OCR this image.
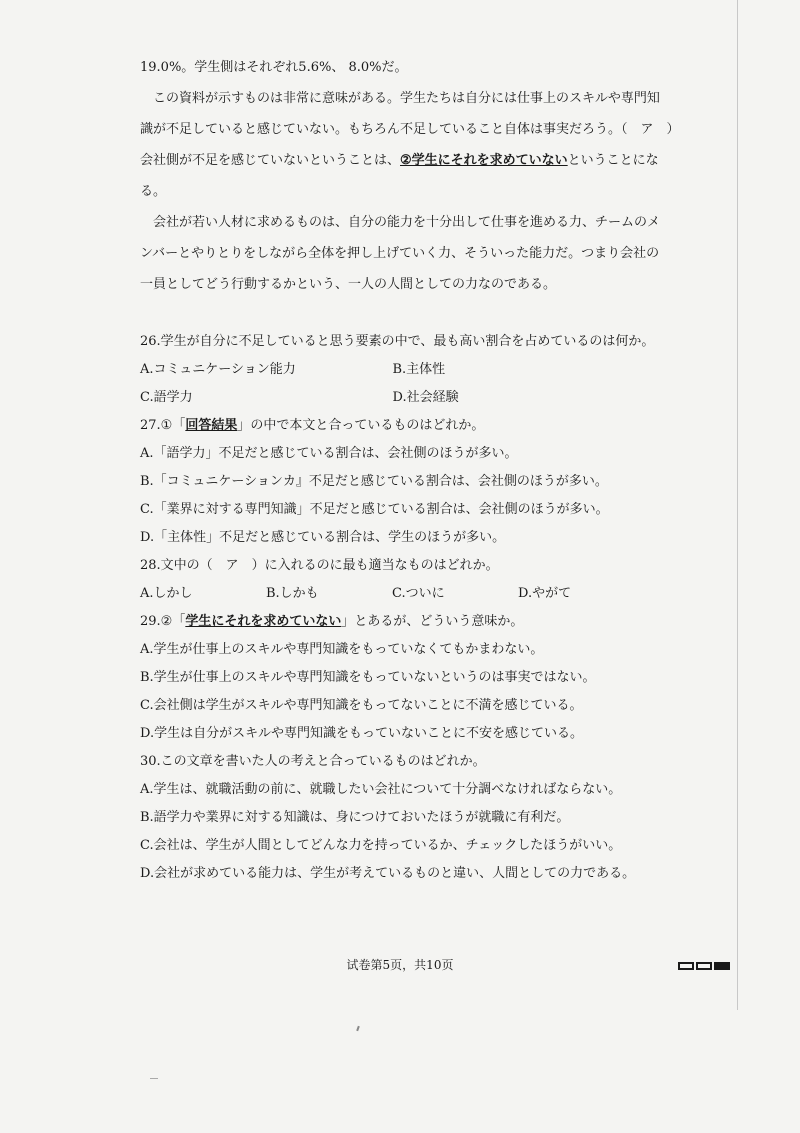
19.0%。学生側はそれぞれ5.6%、 8.0%だ。
この資料が示すものは非常に意味がある。学生たちは自分には仕事上のスキルや専門知
識が不足していると感じていない。もちろん不足していること自体は事実だろう。（　ア　）
会社側が不足を感じていないということは、②学生にそれを求めていないということにな
る。
会社が若い人材に求めるものは、自分の能力を十分出して仕事を進める力、チームのメ
ンバーとやりとりをしながら全体を押し上げていく力、そういった能力だ。つまり会社の
一員としてどう行動するかという、一人の人間としての力なのである。
26.学生が自分に不足していると思う要素の中で、最も高い割合を占めているのは何か。
A.コミュニケーション能力	B.主体性
C.語学力	D.社会経験
27.①「回答結果」の中で本文と合っているものはどれか。
A.「語学力」不足だと感じている割合は、会社側のほうが多い。
B.「コミュニケーションカ』不足だと感じている割合は、会社側のほうが多い。
C.「業界に対する専門知識」不足だと感じている割合は、会社側のほうが多い。
D.「主体性」不足だと感じている割合は、学生のほうが多い。
28.文中の（　ア　）に入れるのに最も適当なものはどれか。
A.しかし	B.しかも	C.ついに	D.やがて
29.②「学生にそれを求めていない」とあるが、どういう意味か。
A.学生が仕事上のスキルや専門知識をもっていなくてもかまわない。
B.学生が仕事上のスキルや専門知識をもっていないというのは事実ではない。
C.会社側は学生がスキルや専門知識をもってないことに不満を感じている。
D.学生は自分がスキルや専門知識をもっていないことに不安を感じている。
30.この文章を書いた人の考えと合っているものはどれか。
A.学生は、就職活動の前に、就職したい会社について十分調べなければならない。
B.語学力や業界に対する知識は、身につけておいたほうが就職に有利だ。
C.会社は、学生が人間としてどんな力を持っているか、チェックしたほうがいい。
D.会社が求めている能力は、学生が考えているものと違い、人間としての力である。
试卷第5页，共10页
